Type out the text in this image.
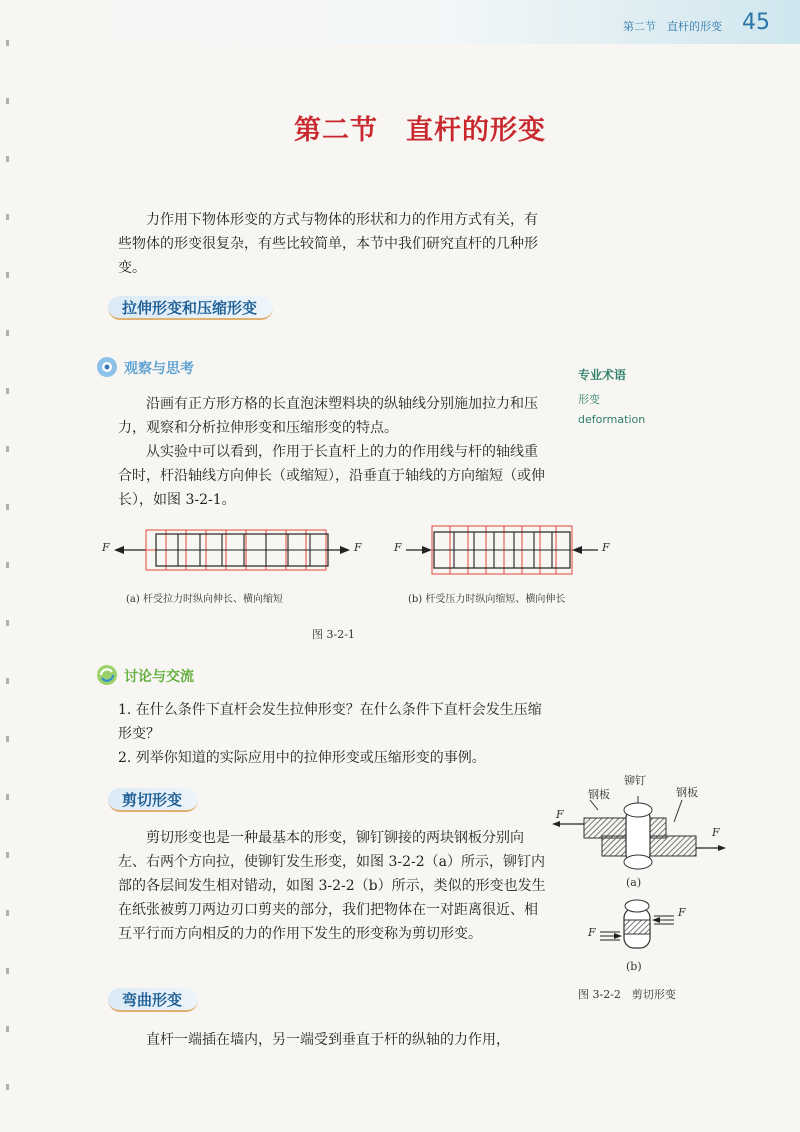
第二节　直杆的形变 45
第二节　直杆的形变

力作用下物体形变的方式与物体的形状和力的作用方式有关，有些物体的形变很复杂，有些比较简单，本节中我们研究直杆的几种形变。

拉伸形变和压缩形变
观察与思考

沿画有正方形方格的长直泡沫塑料块的纵轴线分别施加拉力和压力，观察和分析拉伸形变和压缩形变的特点。

从实验中可以看到，作用于长直杆上的力的作用线与杆的轴线重合时，杆沿轴线方向伸长（或缩短），沿垂直于轴线的方向缩短（或伸长），如图 3-2-1。

专业术语
形变
deformation
F	F	F	F
(a) 杆受拉力时纵向伸长、横向缩短	(b) 杆受压力时纵向缩短、横向伸长
图 3-2-1
讨论与交流

1. 在什么条件下直杆会发生拉伸形变？在什么条件下直杆会发生压缩形变？

2. 列举你知道的实际应用中的拉伸形变或压缩形变的事例。

剪切形变

剪切形变也是一种最基本的形变，铆钉铆接的两块钢板分别向左、右两个方向拉，使铆钉发生形变，如图 3-2-2（a）所示，铆钉内部的各层间发生相对错动，如图 3-2-2（b）所示，类似的形变也发生在纸张被剪刀两边刃口剪夹的部分，我们把物体在一对距离很近、相互平行而方向相反的力的作用下发生的形变称为剪切形变。

钢板
铆钉
钢板
F
F
(a)
F
F
(b)
图 3-2-2　剪切形变
弯曲形变

直杆一端插在墙内，另一端受到垂直于杆的纵轴的力作用，
